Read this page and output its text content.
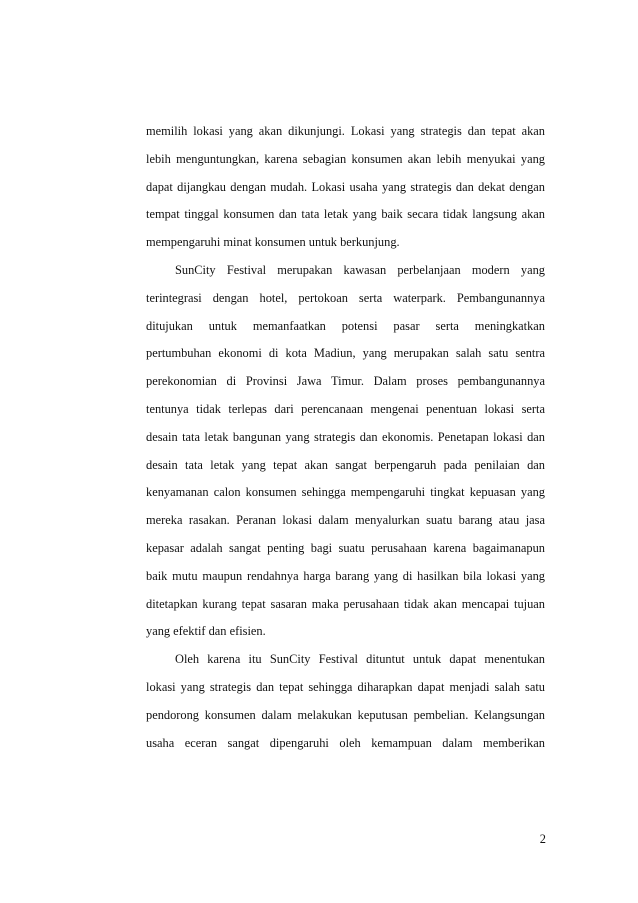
memilih lokasi yang akan dikunjungi. Lokasi yang strategis dan tepat akan
lebih menguntungkan, karena sebagian konsumen akan lebih menyukai yang
dapat dijangkau dengan mudah. Lokasi usaha yang strategis dan dekat dengan
tempat tinggal konsumen dan tata letak yang baik secara tidak langsung akan
mempengaruhi minat konsumen untuk berkunjung.
SunCity Festival merupakan kawasan perbelanjaan modern yang
terintegrasi dengan hotel, pertokoan serta waterpark. Pembangunannya
ditujukan untuk memanfaatkan potensi pasar serta meningkatkan
pertumbuhan ekonomi di kota Madiun, yang merupakan salah satu sentra
perekonomian di Provinsi Jawa Timur. Dalam proses pembangunannya
tentunya tidak terlepas dari perencanaan mengenai penentuan lokasi serta
desain tata letak bangunan yang strategis dan ekonomis. Penetapan lokasi dan
desain tata letak yang tepat akan sangat berpengaruh pada penilaian dan
kenyamanan calon konsumen sehingga mempengaruhi tingkat kepuasan yang
mereka rasakan. Peranan lokasi dalam menyalurkan suatu barang atau jasa
kepasar adalah sangat penting bagi suatu perusahaan karena bagaimanapun
baik mutu maupun rendahnya harga barang yang di hasilkan bila lokasi yang
ditetapkan kurang tepat sasaran maka perusahaan tidak akan mencapai tujuan
yang efektif dan efisien.
Oleh karena itu SunCity Festival dituntut untuk dapat menentukan
lokasi yang strategis dan tepat sehingga diharapkan dapat menjadi salah satu
pendorong konsumen dalam melakukan keputusan pembelian. Kelangsungan
usaha eceran sangat dipengaruhi oleh kemampuan dalam memberikan
2
